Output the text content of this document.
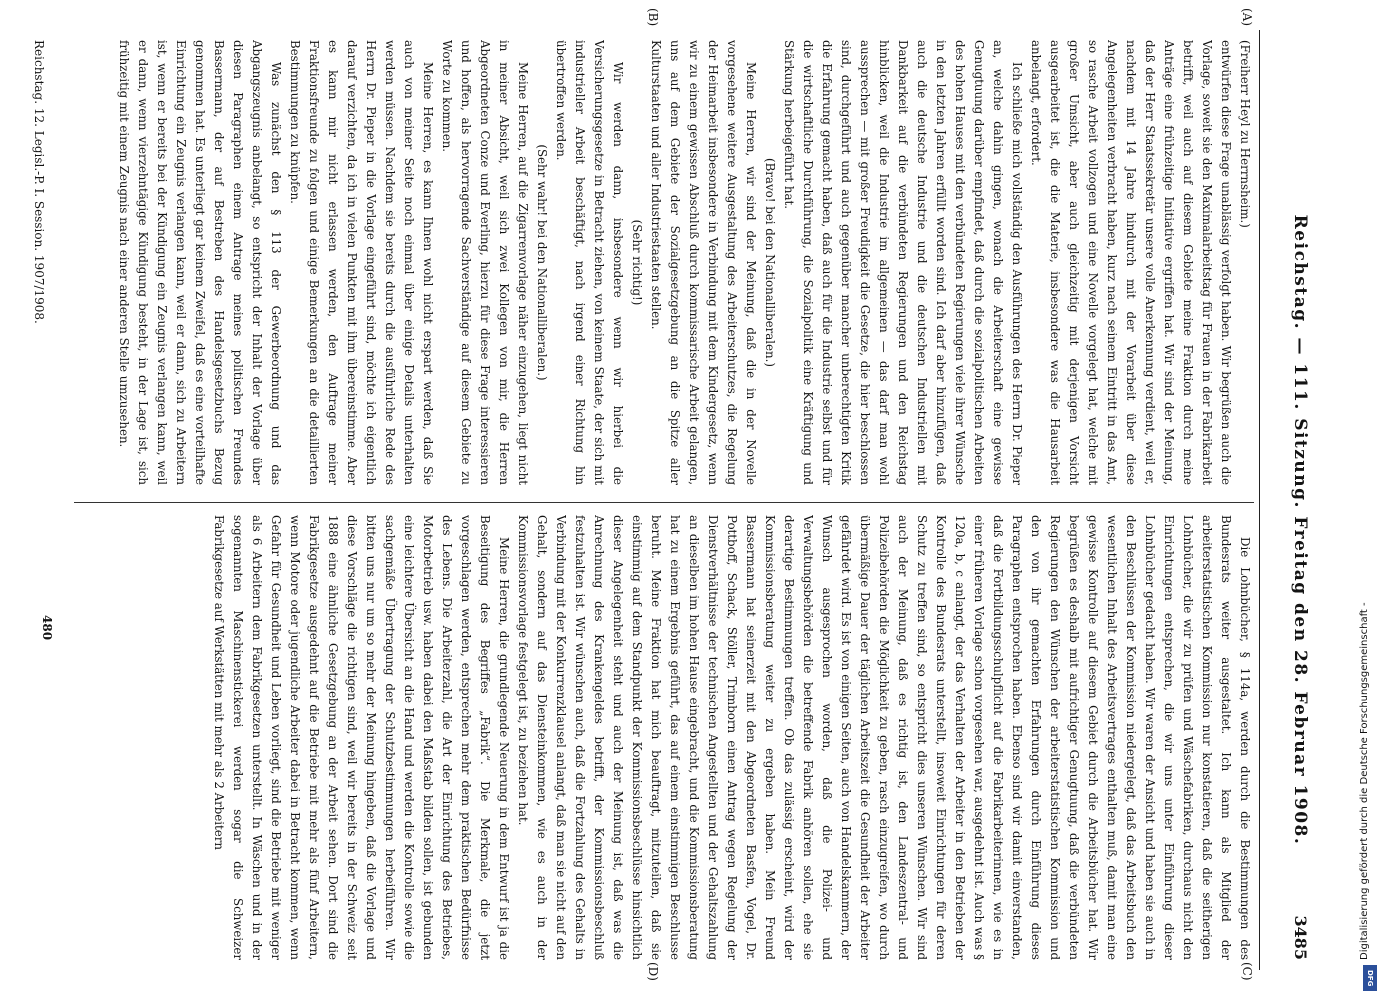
Reichstag. — 111. Sitzung. Freitag den 28. Februar 1908.
3485
(A)
(B)
(C)
(D)

(Freiherr Heyl zu Herrnsheim.)

entwürfen diese Frage unablässig verfolgt haben. Wir begrüßen auch die Vorlage, soweit sie den Maximalarbeitstag für Frauen in der Fabrikarbeit betrifft, weil auch auf diesem Gebiete meine Fraktion durch meine Anträge eine frühzeitige Initiative ergriffen hat. Wir sind der Meinung, daß der Herr Staatssekretär unsere volle Anerkennung verdient, weil er, nachdem mit 14 Jahre hindurch mit der Vorarbeit über diese Angelegenheiten verbracht haben, kurz nach seinem Eintritt in das Amt, so rasche Arbeit vollzogen und eine Novelle vorgelegt hat, welche mit großer Umsicht, aber auch gleichzeitig mit derjenigen Vorsicht ausgearbeitet ist, die die Materie, insbesondere was die Hausarbeit anbelangt, erfordert.

Ich schließe mich vollständig den Ausführungen des Herrn Dr. Pieper an, welche dahin gingen, wonach die Arbeiterschaft eine gewisse Genugtuung darüber empfindet, daß durch die sozialpolitischen Arbeiten des hohen Hauses mit den verbündeten Regierungen viele ihrer Wünsche in den letzten Jahren erfüllt worden sind. Ich darf aber hinzufügen, daß auch die deutsche Industrie und die deutschen Industriellen mit Dankbarkeit auf die verbündeten Regierungen und den Reichstag hinblicken, weil die Industrie im allgemeinen — das darf man wohl aussprechen — mit großer Freudigkeit die Gesetze, die hier beschlossen sind, durchgeführt und auch gegenüber mancher unberechtigten Kritik die Erfahrung gemacht haben, daß auch für die Industrie selbst und für die wirtschaftliche Durchführung, die Sozialpolitik eine Kräftigung und Stärkung herbeigeführt hat.

(Bravo! bei den Nationalliberalen.)

Meine Herren, wir sind der Meinung, daß die in der Novelle vorgesehene weitere Ausgestaltung des Arbeiterschutzes, die Regelung der Heimarbeit insbesondere in Verbindung mit dem Kindergesetz, wenn wir zu einem gewissen Abschluß durch kommissarische Arbeit gelangen, uns auf dem Gebiete der Sozialgesetzgebung an die Spitze aller Kulturstaaten und aller Industriestaaten stellen.

(Sehr richtig!)

Wir werden dann, insbesondere wenn wir hierbei die Versicherungsgesetze in Betracht ziehen, von keinem Staate, der sich mit industrieller Arbeit beschäftigt, nach irgend einer Richtung hin übertroffen werden.

(Sehr wahr! bei den Nationalliberalen.)

Meine Herren, auf die Zigarrenvorlage näher einzugehen, liegt nicht in meiner Absicht, weil sich zwei Kollegen von mir, die Herren Abgeordneten Conze und Everling, hierzu für diese Frage interessieren und hoffen, als hervorragende Sachverständige auf diesem Gebiete zu Worte zu kommen.

Meine Herren, es kann Ihnen wohl nicht erspart werden, daß Sie auch von meiner Seite noch einmal über einige Details unterhalten werden müssen. Nachdem sie bereits durch die ausführliche Rede des Herrn Dr. Pieper in die Vorlage eingeführt sind, möchte ich eigentlich darauf verzichten, da ich in vielen Punkten mit ihm übereinstimme. Aber es kann mir nicht erlassen werden, den Auftrage meiner Fraktionsfreunde zu folgen und einige Bemerkungen an die detaillierten Bestimmungen zu knüpfen.

Was zunächst den § 113 der Gewerbeordnung und das Abgangszeugnis anbelangt, so entspricht der Inhalt der Vorlage über diesen Paragraphen einem Antrage meines politischen Freundes Bassermann, der auf Bestreben des Handelsgesetzbuchs Bezug genommen hat. Es unterliegt gar keinem Zweifel, daß es eine vorteilhafte Einrichtung ein Zeugnis verlangen kann, weil er dann, sich zu Arbeitern ist, wenn er bereits bei der Kündigung ein Zeugnis verlangen kann, weil er dann, wenn vierzehntägige Kündigung besteht, in der Lage ist, sich frühzeitig mit einem Zeugnis nach einer anderen Stelle umzusehen.

Die Lohnbücher, § 114a, werden durch die Bestimmungen des Bundesrats weiter ausgestaltet. Ich kann als Mitglied der arbeiterstatistischen Kommission nur konstatieren, daß die seitherigen Lohnbücher, die wir zu prüfen und Wäschefabriken, durchaus nicht den Einrichtungen entsprechen, die wir uns unter Einführung dieser Lohnbücher gedacht haben. Wir waren der Ansicht und haben sie auch in den Beschlüssen der Kommission niedergelegt, daß das Arbeitsbuch den wesentlichen Inhalt des Arbeitsvertrages enthalten muß, damit man eine gewisse Kontrolle auf diesem Gebiet durch die Arbeitsbücher hat. Wir begrüßen es deshalb mit aufrichtiger Genugtuung, daß die verbündeten Regierungen den Wünschen der arbeiterstatistischen Kommission und den von ihr gemachten Erfahrungen durch Einführung dieses Paragraphen entsprochen haben. Ebenso sind wir damit einverstanden, daß die Fortbildungsschulpflicht auf die Fabrikarbeiterinnen, wie es in einer früheren Vorlage schon vorgesehen war, ausgedehnt ist. Auch was § 120a, b, c anlangt, der das Verhalten der Arbeiter in den Betrieben der Kontrolle des Bundesrats unterstellt, insoweit Einrichtungen für deren Schutz zu treffen sind, so entspricht dies unseren Wünschen. Wir sind auch der Meinung, daß es richtig ist, den Landeszentral- und Polizeibehörden die Möglichkeit zu geben, rasch einzugreifen, wo durch übermäßige Dauer der täglichen Arbeitszeit die Gesundheit der Arbeiter gefährdet wird. Es ist von einigen Seiten, auch von Handelskammern, der Wunsch ausgesprochen worden, daß die Polizei- und Verwaltungsbehörden die betreffende Fabrik anhören sollen, ehe sie derartige Bestimmungen treffen. Ob das zulässig erscheint, wird der Kommissionsberatung weiter zu ergeben haben. Mein Freund Bassermann hat seinerzeit mit den Abgeordneten Basfen, Vogel, Dr. Pottboff, Schack, Stöller, Trimborn einen Antrag wegen Regelung der Dienstverhältnisse der technischen Angestellten und der Gehaltszahlung an dieselben im hohen Hause eingebracht, und die Kommissionsberatung hat zu einem Ergebnis geführt, das auf einem einstimmigen Beschlusse beruht. Meine Fraktion hat mich beauftragt, mitzuteilen, daß sie einstimmig auf dem Standpunkt der Kommissionsbeschlüsse hinsichtlich dieser Angelegenheit steht und auch der Meinung ist, daß was die Anrechnung des Krankengeldes betrifft, der Kommissionsbeschluß festzuhalten ist. Wir wünschen auch, daß die Fortzahlung des Gehalts in Verbindung mit der Konkurrenzklausel anlangt, daß man sie nicht auf den Gehalt, sondern auf das Diensteinkommen, wie es auch in der Kommissionsvorlage festgelegt ist, zu beziehen hat.

Meine Herren, die grundlegende Neuerung in dem Entwurf ist ja die Beseitigung des Begriffes „Fabrik“. Die Merkmale, die jetzt vorgeschlagen werden, entsprechen mehr dem praktischen Bedürfnisse des Lebens. Die Arbeiterzahl, die Art der Einrichtung des Betriebes, Motorbetrieb usw. haben dabei den Maßstab bilden sollen, ist gebunden eine leichtere Übersicht an die Hand und werden die Kontrolle sowie die sachgemäße Übertragung der Schutzbestimmungen herbeiführen. Wir bitten uns nur um so mehr der Meinung hingeben, daß die Vorlage und diese Vorschläge die richtigen sind, weil wir bereits in der Schweiz seit 1888 eine ähnliche Gesetzgebung an der Arbeit sehen. Dort sind die Fabrikgesetze ausgedehnt auf die Betriebe mit mehr als fünf Arbeitern, wenn Motore oder jugendliche Arbeiter dabei in Betracht kommen, wenn Gefahr für Gesundheit und Leben vorliegt, sind die Betriebe mit weniger als 6 Arbeitern dem Fabrikgesetzen unterstellt. In Wäschen und in der sogenannten Maschinenstickerei werden sogar die Schweizer Fabrikgesetze auf Werkstätten mit mehr als 2 Arbeitern

Reichstag. 12. Legisl.-P. I. Session. 1907/1908.
480	Digitalisierung gefördert durch die Deutsche Forschungsgemeinschaft -
DFG
